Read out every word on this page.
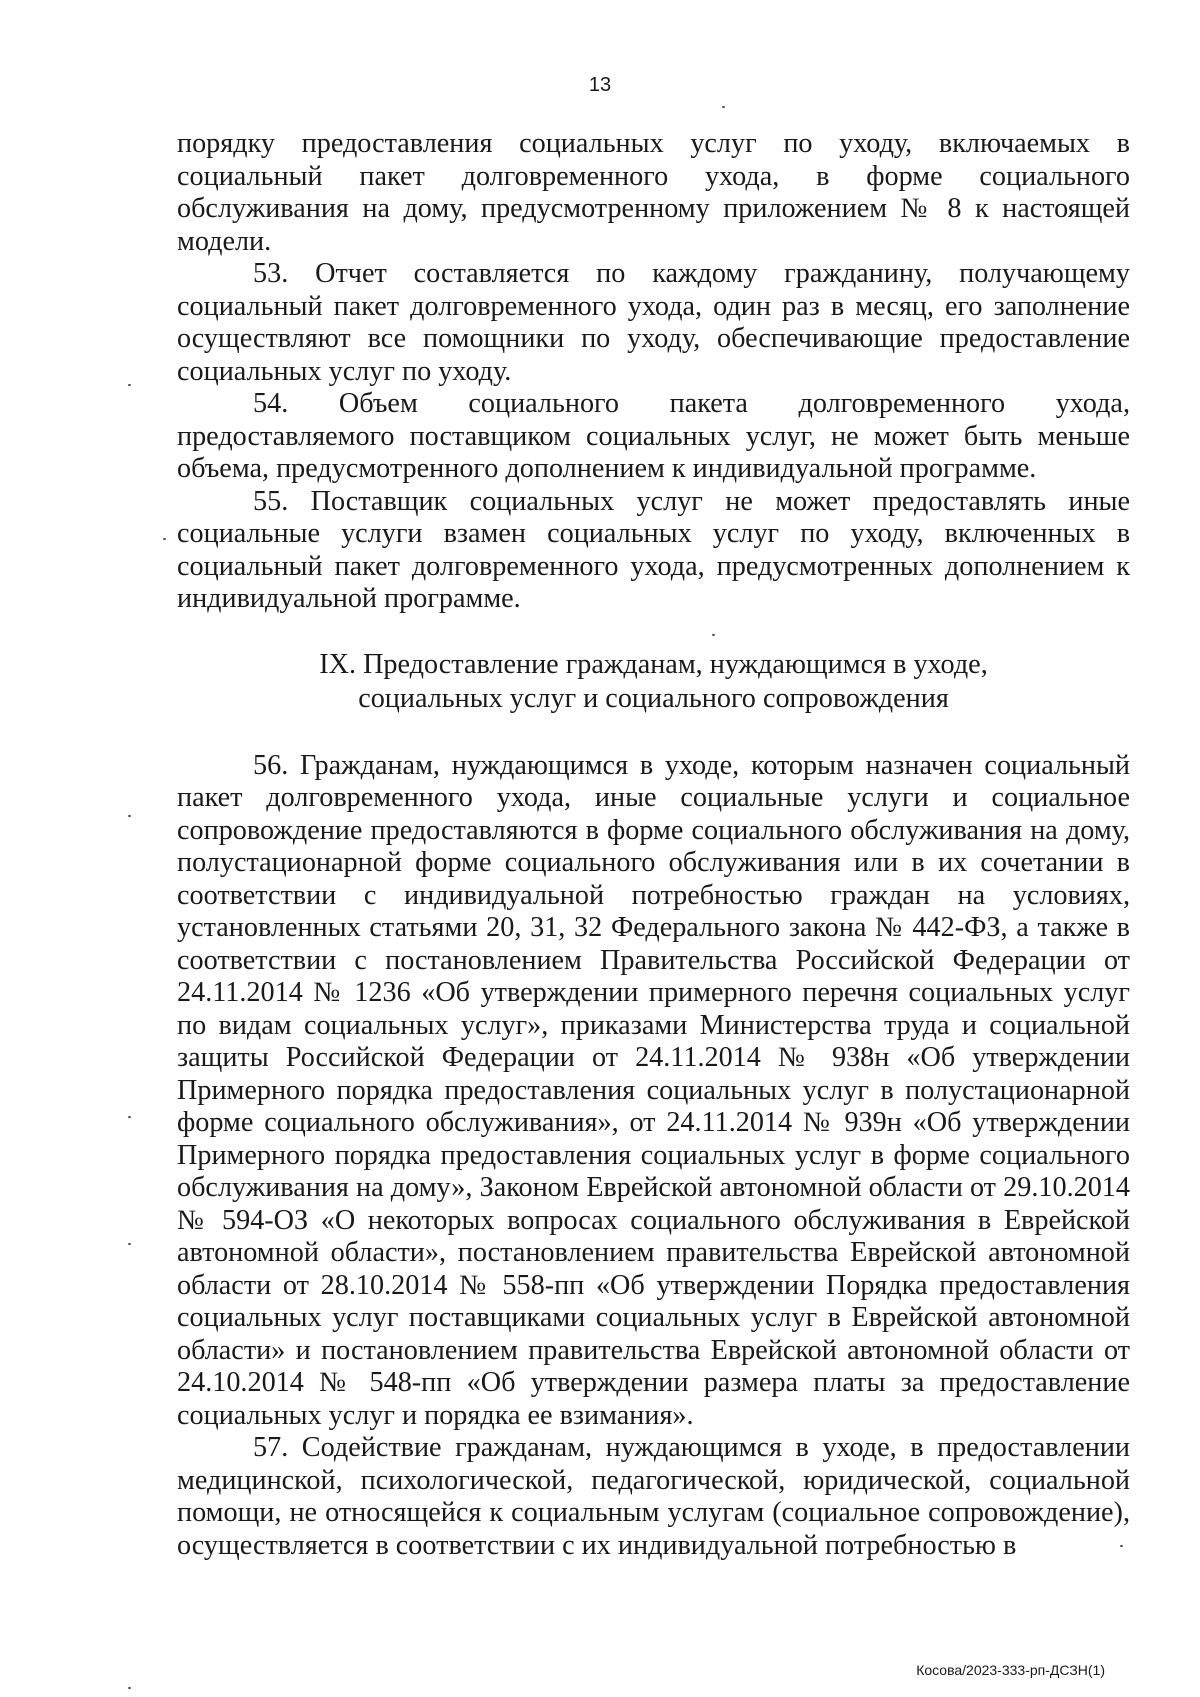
13

порядку предоставления социальных услуг по уходу, включаемых в социальный пакет долговременного ухода, в форме социального обслуживания на дому, предусмотренному приложением № 8 к настоящей модели.

53. Отчет составляется по каждому гражданину, получающему социальный пакет долговременного ухода, один раз в месяц, его заполнение осуществляют все помощники по уходу, обеспечивающие предоставление социальных услуг по уходу.

54. Объем социального пакета долговременного ухода, предоставляемого поставщиком социальных услуг, не может быть меньше объема, предусмотренного дополнением к индивидуальной программе.

55. Поставщик социальных услуг не может предоставлять иные социальные услуги взамен социальных услуг по уходу, включенных в социальный пакет долговременного ухода, предусмотренных дополнением к индивидуальной программе.

IX. Предоставление гражданам, нуждающимся в уходе,
социальных услуг и социального сопровождения

56. Гражданам, нуждающимся в уходе, которым назначен социальный пакет долговременного ухода, иные социальные услуги и социальное сопровождение предоставляются в форме социального обслуживания на дому, полустационарной форме социального обслуживания или в их сочетании в соответствии с индивидуальной потребностью граждан на условиях, установленных статьями 20, 31, 32 Федерального закона № 442-ФЗ, а также в соответствии с постановлением Правительства Российской Федерации от 24.11.2014 № 1236 «Об утверждении примерного перечня социальных услуг по видам социальных услуг», приказами Министерства труда и социальной защиты Российской Федерации от 24.11.2014 № 938н «Об утверждении Примерного порядка предоставления социальных услуг в полустационарной форме социального обслуживания», от 24.11.2014 № 939н «Об утверждении Примерного порядка предоставления социальных услуг в форме социального обслуживания на дому», Законом Еврейской автономной области от 29.10.2014 № 594-ОЗ «О некоторых вопросах социального обслуживания в Еврейской автономной области», постановлением правительства Еврейской автономной области от 28.10.2014 № 558-пп «Об утверждении Порядка предоставления социальных услуг поставщиками социальных услуг в Еврейской автономной области» и постановлением правительства Еврейской автономной области от 24.10.2014 № 548-пп «Об утверждении размера платы за предоставление социальных услуг и порядка ее взимания».

57. Содействие гражданам, нуждающимся в уходе, в предоставлении медицинской, психологической, педагогической, юридической, социальной помощи, не относящейся к социальным услугам (социальное сопровождение), осуществляется в соответствии с их индивидуальной потребностью в

Косова/2023-333-рп-ДСЗН(1)
